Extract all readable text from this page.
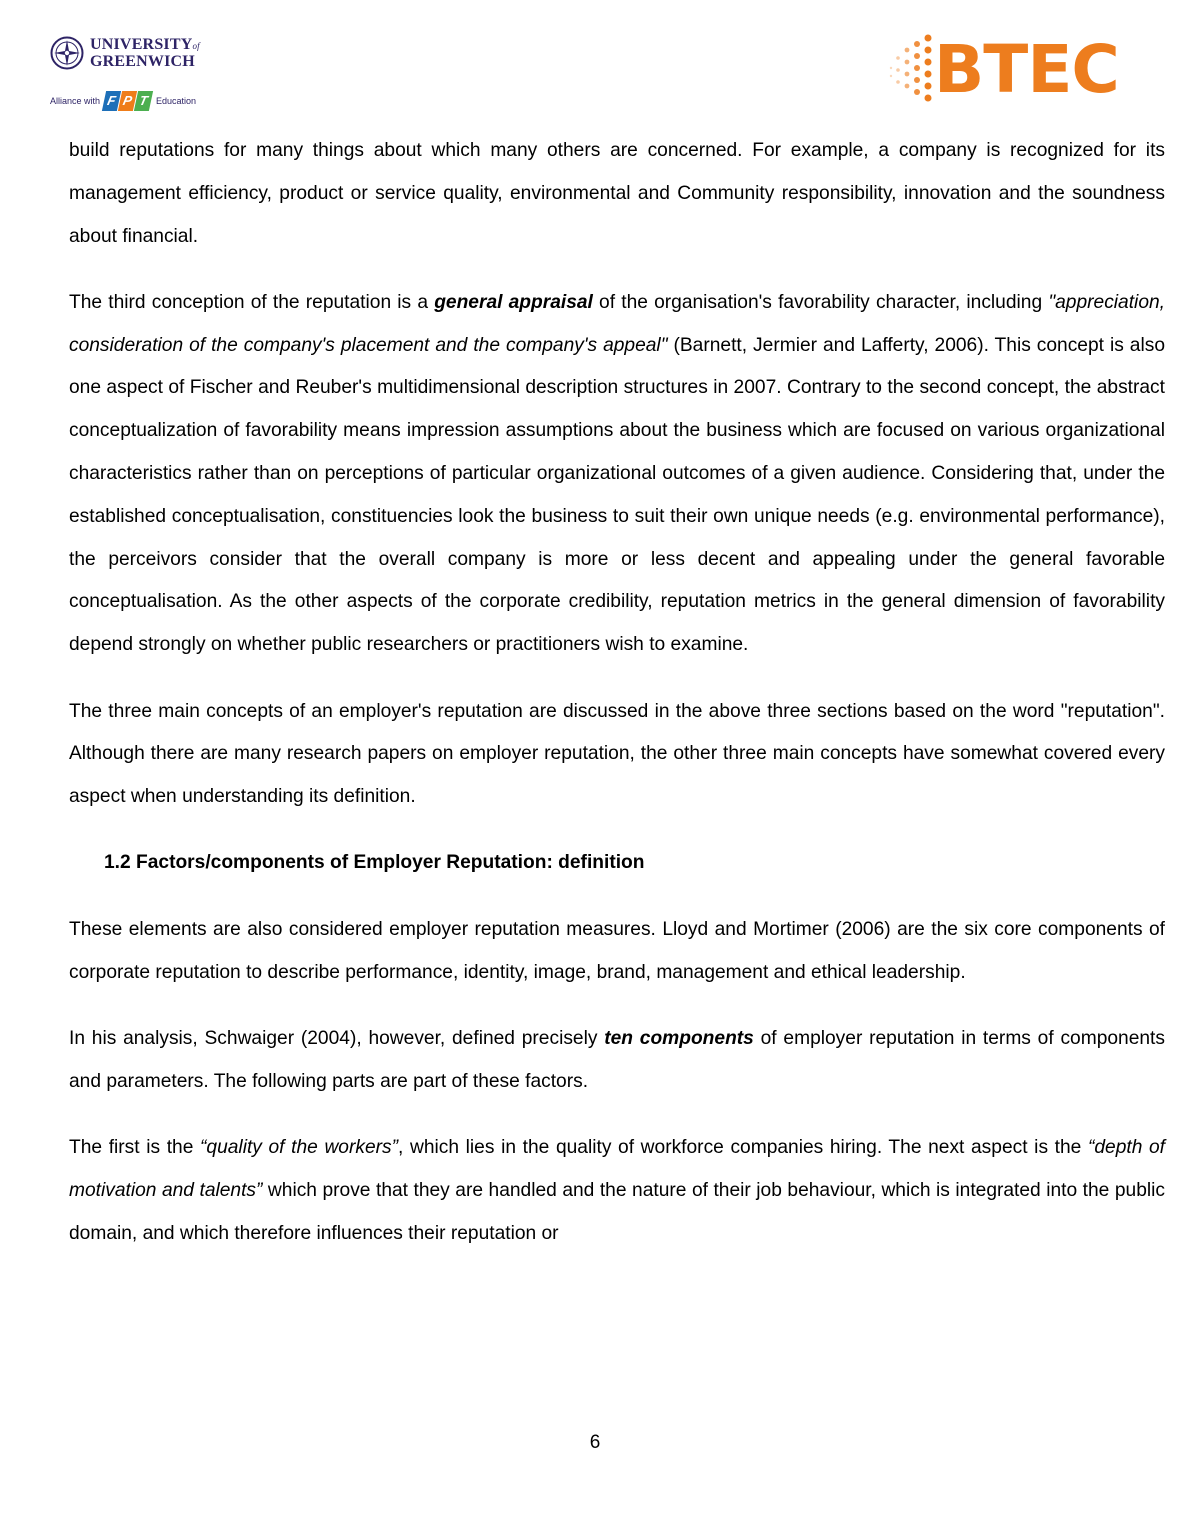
UNIVERSITYof
GREENWICH
Alliance with F P T Education	BTEC

build reputations for many things about which many others are concerned. For example, a company is recognized for its management efficiency, product or service quality, environmental and Community responsibility, innovation and the soundness about financial.

The third conception of the reputation is a general appraisal of the organisation's favorability character, including "appreciation, consideration of the company's placement and the company's appeal" (Barnett, Jermier and Lafferty, 2006). This concept is also one aspect of Fischer and Reuber's multidimensional description structures in 2007. Contrary to the second concept, the abstract conceptualization of favorability means impression assumptions about the business which are focused on various organizational characteristics rather than on perceptions of particular organizational outcomes of a given audience. Considering that, under the established conceptualisation, constituencies look the business to suit their own unique needs (e.g. environmental performance), the perceivors consider that the overall company is more or less decent and appealing under the general favorable conceptualisation. As the other aspects of the corporate credibility, reputation metrics in the general dimension of favorability depend strongly on whether public researchers or practitioners wish to examine.

The three main concepts of an employer's reputation are discussed in the above three sections based on the word "reputation". Although there are many research papers on employer reputation, the other three main concepts have somewhat covered every aspect when understanding its definition.

1.2 Factors/components of Employer Reputation: definition

These elements are also considered employer reputation measures. Lloyd and Mortimer (2006) are the six core components of corporate reputation to describe performance, identity, image, brand, management and ethical leadership.

In his analysis, Schwaiger (2004), however, defined precisely ten components of employer reputation in terms of components and parameters. The following parts are part of these factors.

The first is the “quality of the workers”, which lies in the quality of workforce companies hiring. The next aspect is the “depth of motivation and talents” which prove that they are handled and the nature of their job behaviour, which is integrated into the public domain, and which therefore influences their reputation or

6
